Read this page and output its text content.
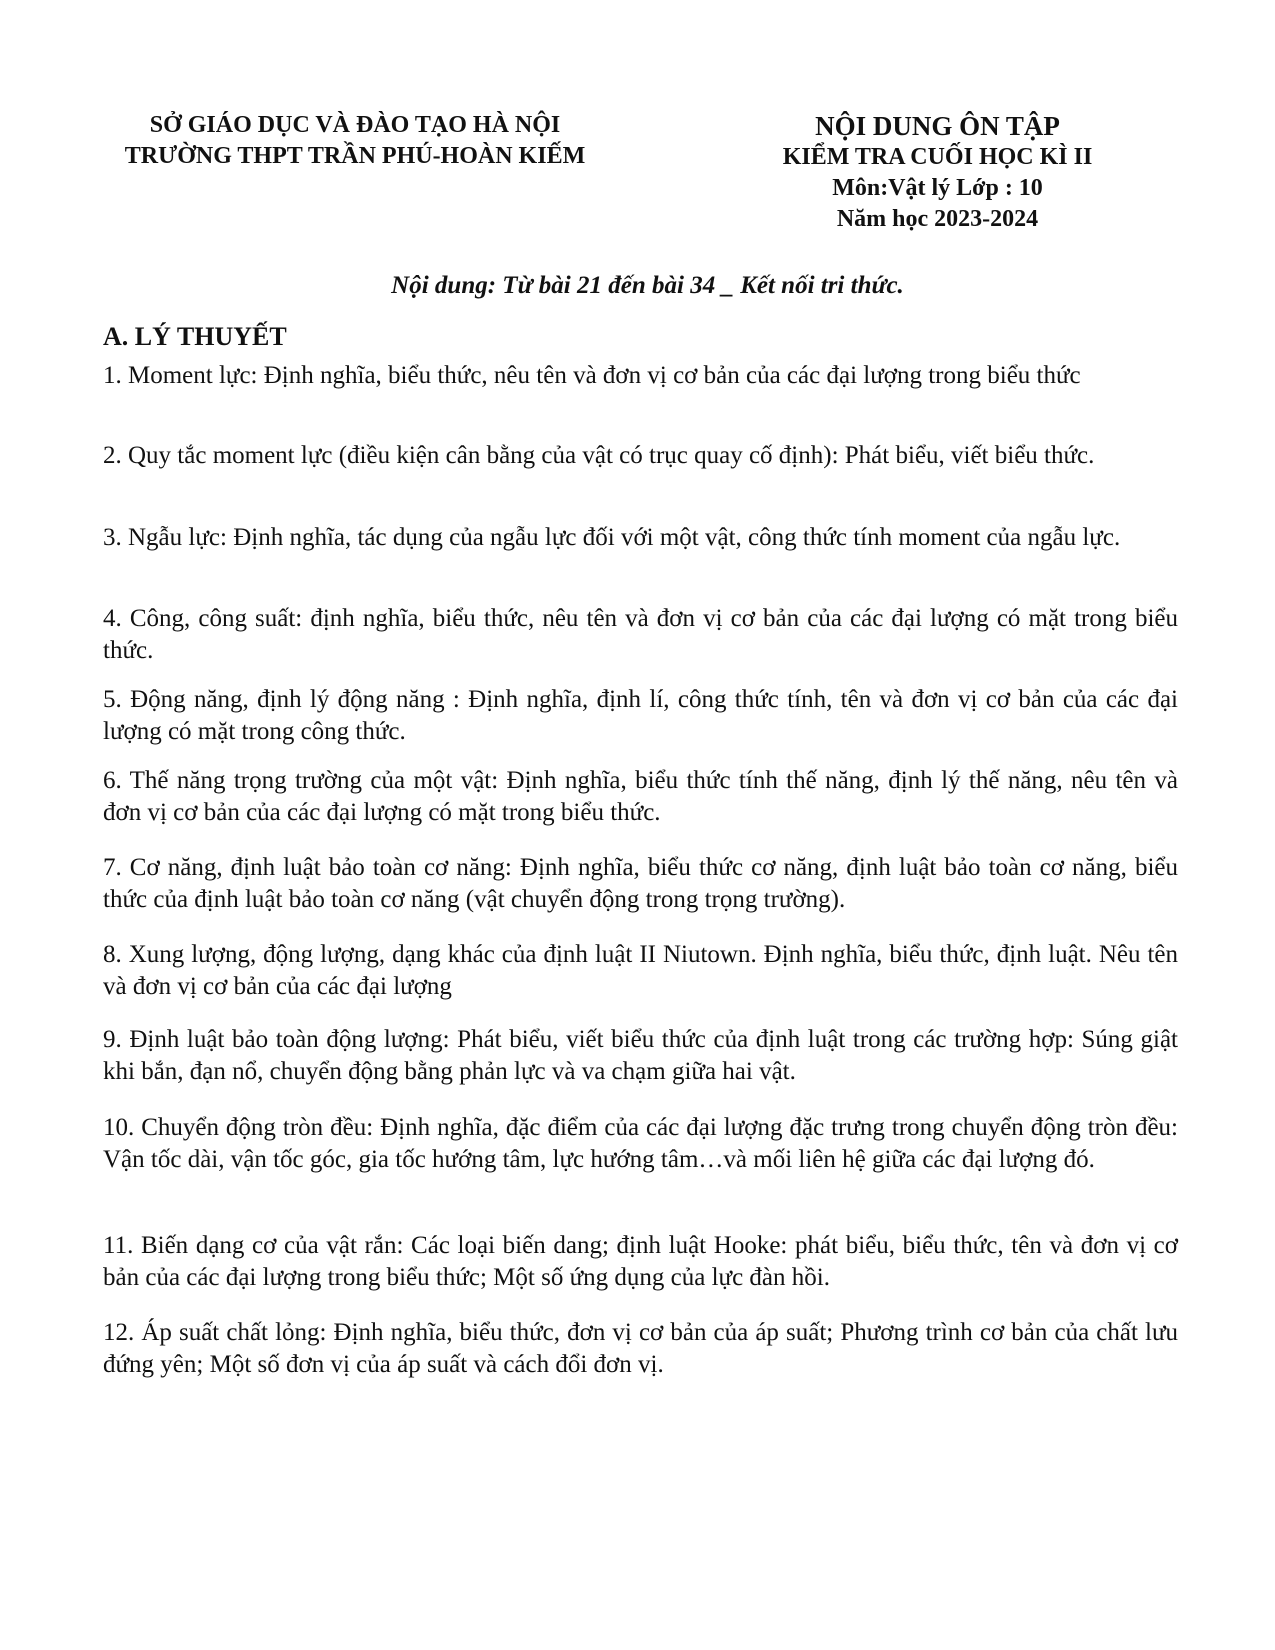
SỞ GIÁO DỤC VÀ ĐÀO TẠO HÀ NỘI
TRƯỜNG THPT TRẦN PHÚ-HOÀN KIẾM
NỘI DUNG ÔN TẬP
KIỂM TRA CUỐI HỌC KÌ II
Môn:Vật lý Lớp : 10
Năm học 2023-2024
Nội dung: Từ bài 21 đến bài 34 _ Kết nối tri thức.
A. LÝ THUYẾT

1. Moment lực: Định nghĩa, biểu thức, nêu tên và đơn vị cơ bản của các đại lượng trong biểu thức

2. Quy tắc moment lực (điều kiện cân bằng của vật có trục quay cố định): Phát biểu, viết biểu thức.

3. Ngẫu lực: Định nghĩa, tác dụng của ngẫu lực đối với một vật, công thức tính moment của ngẫu lực.

4. Công, công suất: định nghĩa, biểu thức, nêu tên và đơn vị cơ bản của các đại lượng có mặt trong biểu thức.

5. Động năng, định lý động năng : Định nghĩa, định lí, công thức tính, tên và đơn vị cơ bản của các đại lượng có mặt trong công thức.

6. Thế năng trọng trường của một vật: Định nghĩa, biểu thức tính thế năng, định lý thế năng, nêu tên và đơn vị cơ bản của các đại lượng có mặt trong biểu thức.

7. Cơ năng, định luật bảo toàn cơ năng: Định nghĩa, biểu thức cơ năng, định luật bảo toàn cơ năng, biểu thức của định luật bảo toàn cơ năng (vật chuyển động trong trọng trường).

8. Xung lượng, động lượng, dạng khác của định luật II Niutown. Định nghĩa, biểu thức, định luật. Nêu tên và đơn vị cơ bản của các đại lượng

9. Định luật bảo toàn động lượng: Phát biểu, viết biểu thức của định luật trong các trường hợp: Súng giật khi bắn, đạn nổ, chuyển động bằng phản lực và va chạm giữa hai vật.

10. Chuyển động tròn đều: Định nghĩa, đặc điểm của các đại lượng đặc trưng trong chuyển động tròn đều: Vận tốc dài, vận tốc góc, gia tốc hướng tâm, lực hướng tâm…và mối liên hệ giữa các đại lượng đó.

11. Biến dạng cơ của vật rắn: Các loại biến dang; định luật Hooke: phát biểu, biểu thức, tên và đơn vị cơ bản của các đại lượng trong biểu thức; Một số ứng dụng của lực đàn hồi.

12. Áp suất chất lỏng: Định nghĩa, biểu thức, đơn vị cơ bản của áp suất; Phương trình cơ bản của chất lưu đứng yên; Một số đơn vị của áp suất và cách đổi đơn vị.
